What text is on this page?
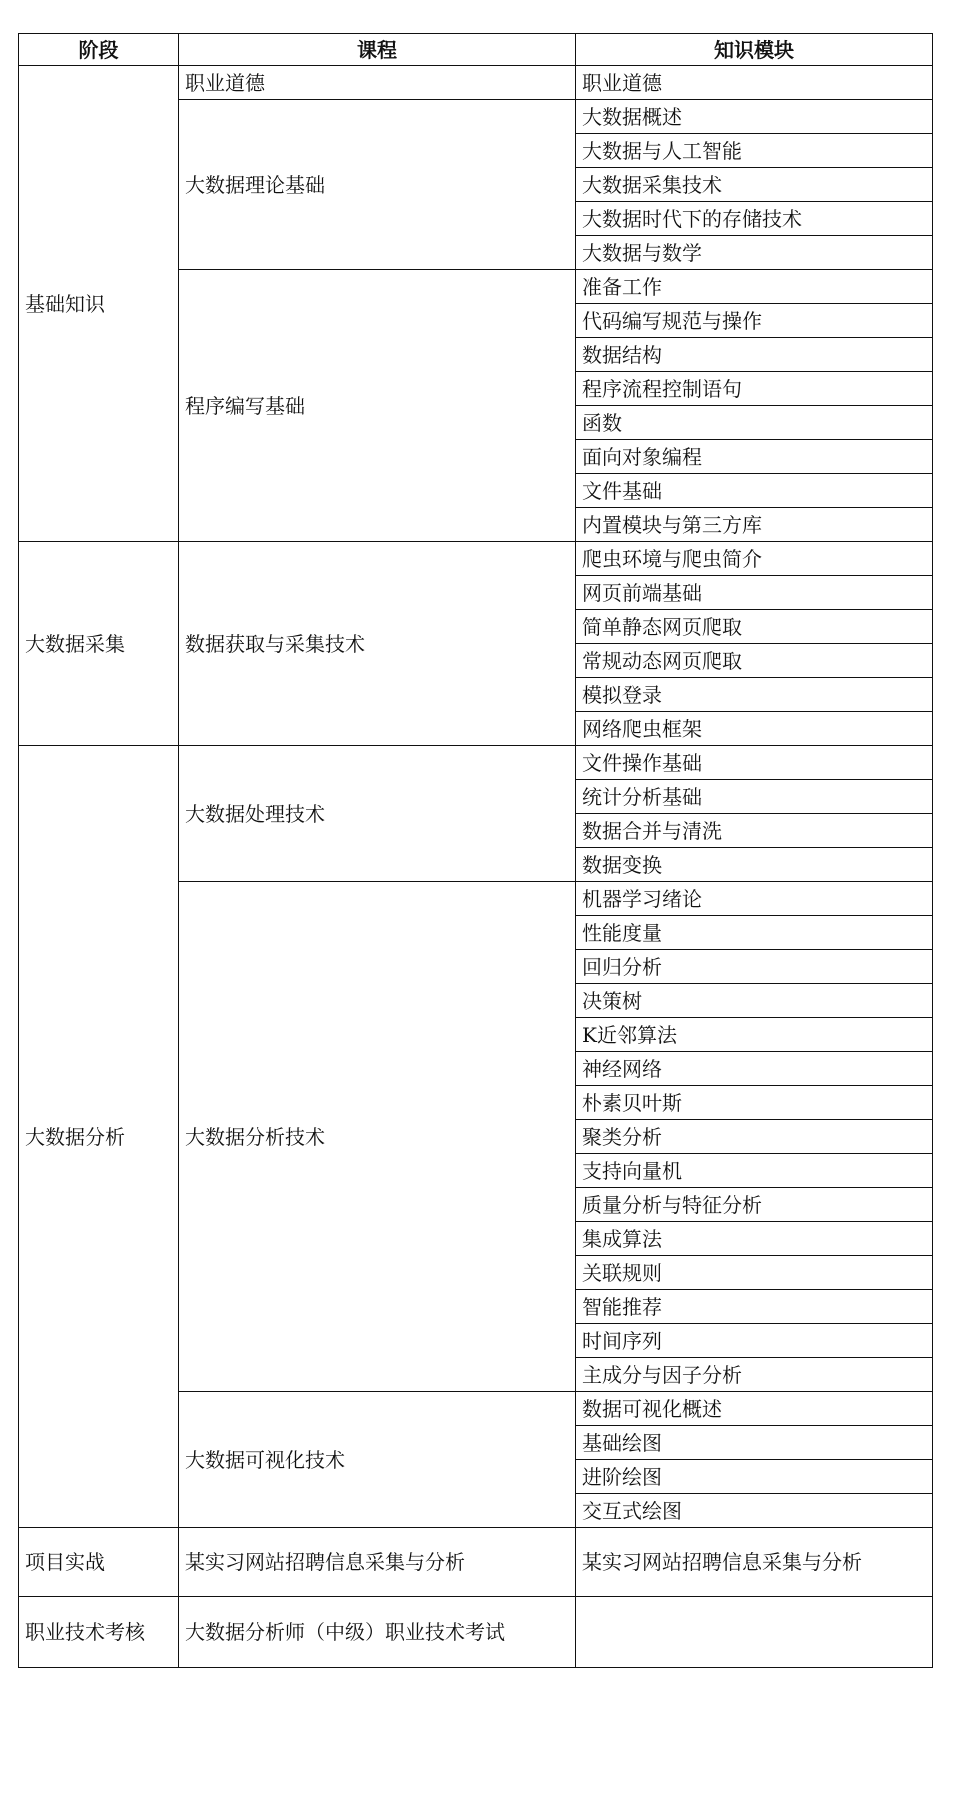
阶段	课程	知识模块
基础知识	职业道德	职业道德
	大数据理论基础	大数据概述
		大数据与人工智能
		大数据采集技术
		大数据时代下的存储技术
		大数据与数学
	程序编写基础	准备工作
		代码编写规范与操作
		数据结构
		程序流程控制语句
		函数
		面向对象编程
		文件基础
		内置模块与第三方库
大数据采集	数据获取与采集技术	爬虫环境与爬虫简介
		网页前端基础
		简单静态网页爬取
		常规动态网页爬取
		模拟登录
		网络爬虫框架
大数据分析	大数据处理技术	文件操作基础
		统计分析基础
		数据合并与清洗
		数据变换
	大数据分析技术	机器学习绪论
		性能度量
		回归分析
		决策树
		K近邻算法
		神经网络
		朴素贝叶斯
		聚类分析
		支持向量机
		质量分析与特征分析
		集成算法
		关联规则
		智能推荐
		时间序列
		主成分与因子分析
	大数据可视化技术	数据可视化概述
		基础绘图
		进阶绘图
		交互式绘图
项目实战	某实习网站招聘信息采集与分析	某实习网站招聘信息采集与分析
职业技术考核	大数据分析师（中级）职业技术考试	
